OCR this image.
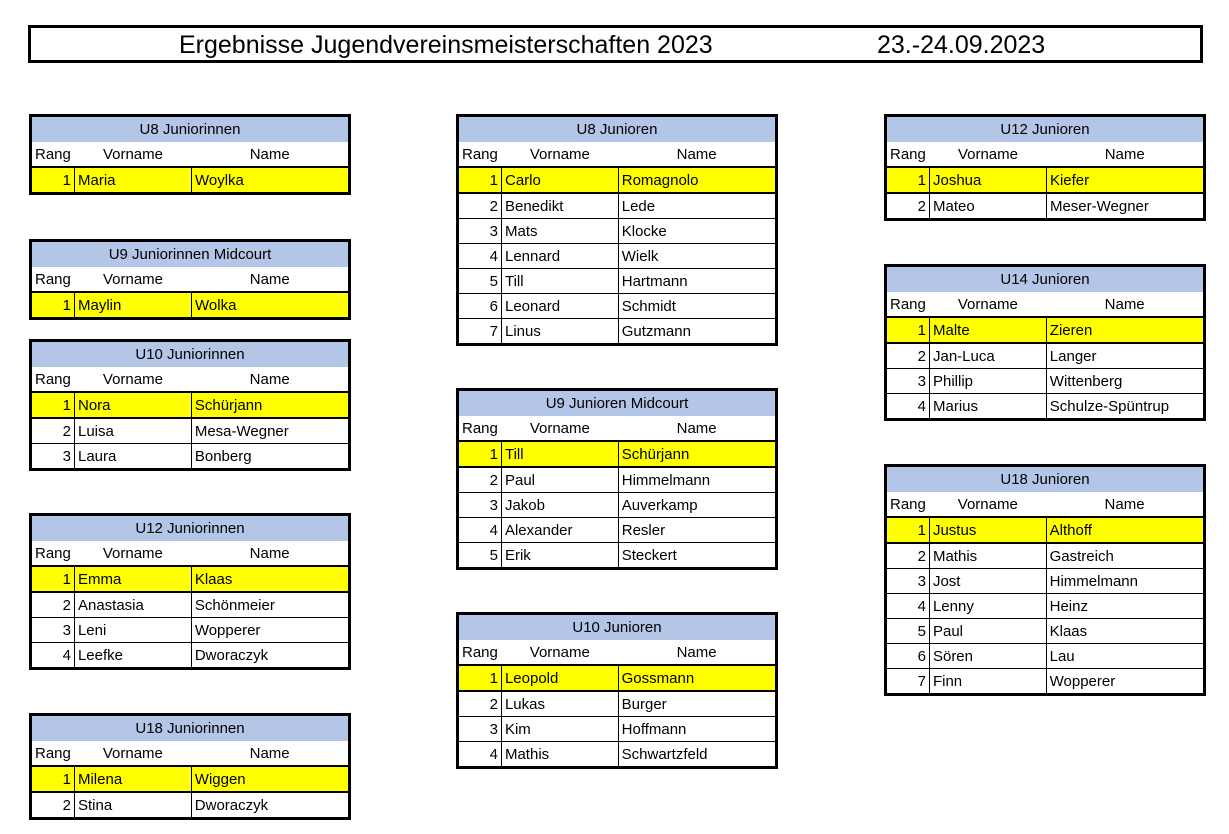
Ergebnisse Jugendvereinsmeisterschaften 2023	23.-24.09.2023
U8 Juniorinnen		
Rang	Vorname	Name
1	Maria	Woylka
U9 Juniorinnen Midcourt		
Rang	Vorname	Name
1	Maylin	Wolka
U10 Juniorinnen		
Rang	Vorname	Name
1	Nora	Schürjann
2	Luisa	Mesa-Wegner
3	Laura	Bonberg
U12 Juniorinnen		
Rang	Vorname	Name
1	Emma	Klaas
2	Anastasia	Schönmeier
3	Leni	Wopperer
4	Leefke	Dworaczyk
U18 Juniorinnen		
Rang	Vorname	Name
1	Milena	Wiggen
2	Stina	Dworaczyk
U8 Junioren		
Rang	Vorname	Name
1	Carlo	Romagnolo
2	Benedikt	Lede
3	Mats	Klocke
4	Lennard	Wielk
5	Till	Hartmann
6	Leonard	Schmidt
7	Linus	Gutzmann
U9 Junioren Midcourt		
Rang	Vorname	Name
1	Till	Schürjann
2	Paul	Himmelmann
3	Jakob	Auverkamp
4	Alexander	Resler
5	Erik	Steckert
U10 Junioren		
Rang	Vorname	Name
1	Leopold	Gossmann
2	Lukas	Burger
3	Kim	Hoffmann
4	Mathis	Schwartzfeld
U12 Junioren		
Rang	Vorname	Name
1	Joshua	Kiefer
2	Mateo	Meser-Wegner
U14 Junioren		
Rang	Vorname	Name
1	Malte	Zieren
2	Jan-Luca	Langer
3	Phillip	Wittenberg
4	Marius	Schulze-Spüntrup
U18 Junioren		
Rang	Vorname	Name
1	Justus	Althoff
2	Mathis	Gastreich
3	Jost	Himmelmann
4	Lenny	Heinz
5	Paul	Klaas
6	Sören	Lau
7	Finn	Wopperer
